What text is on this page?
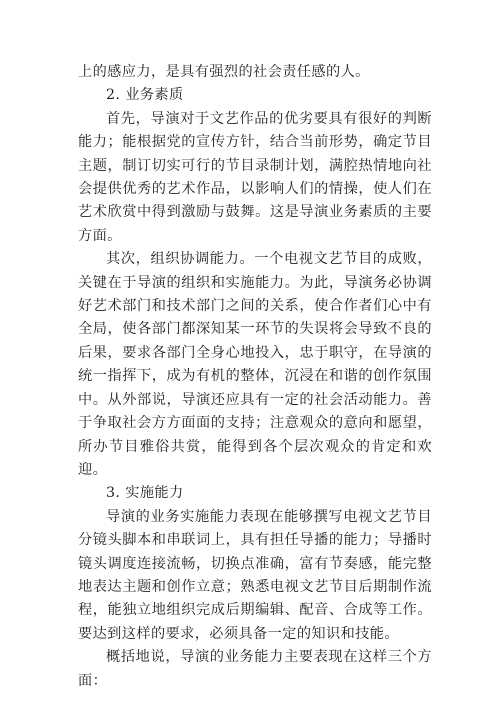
上的感应力，是具有强烈的社会责任感的人。

2. 业务素质

首先，导演对于文艺作品的优劣要具有很好的判断能力；能根据党的宣传方针，结合当前形势，确定节目主题，制订切实可行的节目录制计划，满腔热情地向社会提供优秀的艺术作品，以影响人们的情操，使人们在艺术欣赏中得到激励与鼓舞。这是导演业务素质的主要方面。

其次，组织协调能力。一个电视文艺节目的成败，关键在于导演的组织和实施能力。为此，导演务必协调好艺术部门和技术部门之间的关系，使合作者们心中有全局，使各部门都深知某一环节的失误将会导致不良的后果，要求各部门全身心地投入，忠于职守，在导演的统一指挥下，成为有机的整体，沉浸在和谐的创作氛围中。从外部说，导演还应具有一定的社会活动能力。善于争取社会方方面面的支持；注意观众的意向和愿望，所办节目雅俗共赏，能得到各个层次观众的肯定和欢迎。

3. 实施能力

导演的业务实施能力表现在能够撰写电视文艺节目分镜头脚本和串联词上，具有担任导播的能力；导播时镜头调度连接流畅，切换点准确，富有节奏感，能完整地表达主题和创作立意；熟悉电视文艺节目后期制作流程，能独立地组织完成后期编辑、配音、合成等工作。要达到这样的要求，必须具备一定的知识和技能。

概括地说，导演的业务能力主要表现在这样三个方面：
